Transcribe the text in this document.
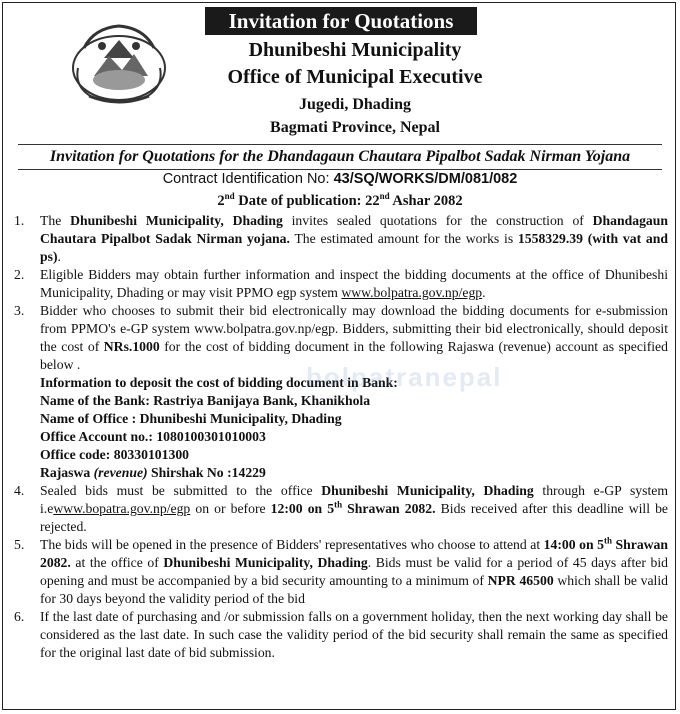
Invitation for Quotations
Dhunibeshi Municipality
Office of Municipal Executive
Jugedi, Dhading
Bagmati Province, Nepal
Invitation for Quotations for the Dhandagaun Chautara Pipalbot Sadak Nirman Yojana
Contract Identification No: 43/SQ/WORKS/DM/081/082
2nd Date of publication: 22nd Ashar 2082
1. The Dhunibeshi Municipality, Dhading invites sealed quotations for the construction of Dhandagaun Chautara Pipalbot Sadak Nirman yojana. The estimated amount for the works is 1558329.39 (with vat and ps).
2. Eligible Bidders may obtain further information and inspect the bidding documents at the office of Dhunibeshi Municipality, Dhading or may visit PPMO egp system www.bolpatra.gov.np/egp.
3. Bidder who chooses to submit their bid electronically may download the bidding documents for e-submission from PPMO's e-GP system www.bolpatra.gov.np/egp. Bidders, submitting their bid electronically, should deposit the cost of NRs.1000 for the cost of bidding document in the following Rajaswa (revenue) account as specified below .
Information to deposit the cost of bidding document in Bank:
Name of the Bank: Rastriya Banijaya Bank, Khanikhola
Name of Office : Dhunibeshi Municipality, Dhading
Office Account no.: 1080100301010003
Office code: 80330101300
Rajaswa (revenue) Shirshak No :14229
4. Sealed bids must be submitted to the office Dhunibeshi Municipality, Dhading through e-GP system i.ewww.bopatra.gov.np/egp on or before 12:00 on 5th Shrawan 2082. Bids received after this deadline will be rejected.
5. The bids will be opened in the presence of Bidders' representatives who choose to attend at 14:00 on 5th Shrawan 2082. at the office of Dhunibeshi Municipality, Dhading. Bids must be valid for a period of 45 days after bid opening and must be accompanied by a bid security amounting to a minimum of NPR 46500 which shall be valid for 30 days beyond the validity period of the bid
6. If the last date of purchasing and /or submission falls on a government holiday, then the next working day shall be considered as the last date. In such case the validity period of the bid security shall remain the same as specified for the original last date of bid submission.
bolpatranepal
